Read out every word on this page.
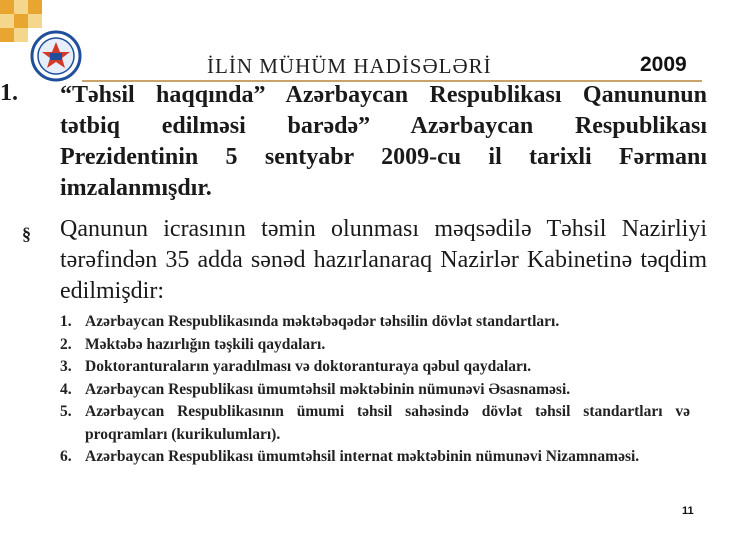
İLİN MÜHÜM HADİSƏLƏRİ	2009
1. “Təhsil haqqında” Azərbaycan Respublikası Qanununun tətbiq edilməsi barədə” Azərbaycan Respublikası Prezidentinin 5 sentyabr 2009-cu il tarixli Fərmanı imzalanmışdır.
§ Qanunun icrasının təmin olunması məqsədilə Təhsil Nazirliyi tərəfindən 35 adda sənəd hazırlanaraq Nazirlər Kabinetinə təqdim edilmişdir:
1. Azərbaycan Respublikasında məktəbəqədər təhsilin dövlət standartları.
2. Məktəbə hazırlığın təşkili qaydaları.
3. Doktoranturaların yaradılması və doktoranturaya qəbul qaydaları.
4. Azərbaycan Respublikası ümumtəhsil məktəbinin nümunəvi Əsasnaməsi.
5. Azərbaycan Respublikasının ümumi təhsil sahəsində dövlət təhsil standartları və proqramları (kurikulumları).
6. Azərbaycan Respublikası ümumtəhsil internat məktəbinin nümunəvi Nizamnaməsi.
11
